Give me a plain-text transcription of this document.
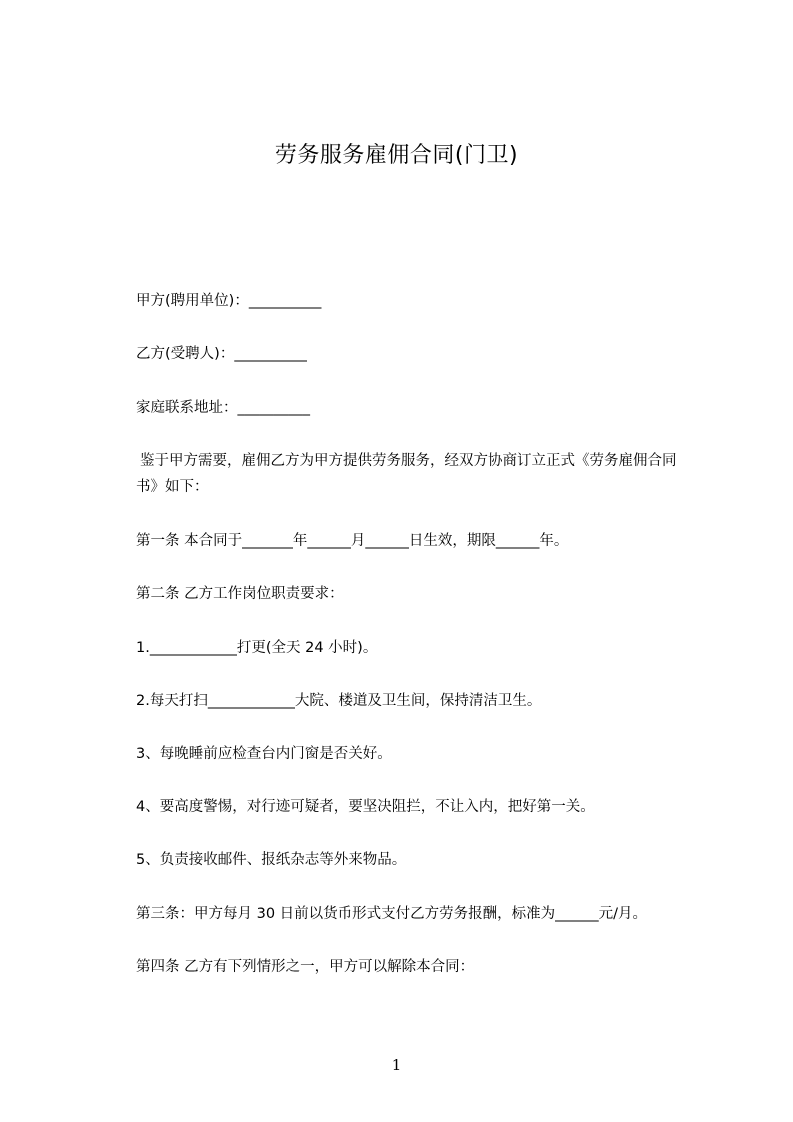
劳务服务雇佣合同(门卫)
甲方(聘用单位)：__________
乙方(受聘人)：__________
家庭联系地址：__________
鉴于甲方需要，雇佣乙方为甲方提供劳务服务，经双方协商订立正式《劳务雇佣合同书》如下：
第一条 本合同于_______年______月______日生效，期限______年。
第二条 乙方工作岗位职责要求：
1.____________打更(全天 24 小时)。
2.每天打扫____________大院、楼道及卫生间，保持清洁卫生。
3、每晚睡前应检查台内门窗是否关好。
4、要高度警惕，对行迹可疑者，要坚决阻拦，不让入内，把好第一关。
5、负责接收邮件、报纸杂志等外来物品。
第三条：甲方每月 30 日前以货币形式支付乙方劳务报酬，标准为______元/月。
第四条 乙方有下列情形之一，甲方可以解除本合同：
1
